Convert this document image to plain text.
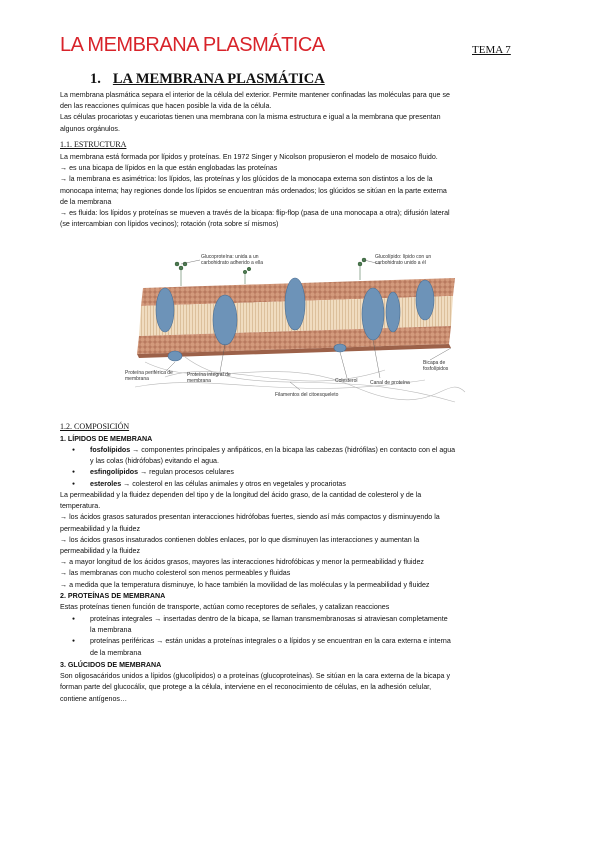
LA MEMBRANA PLASMÁTICA	TEMA 7
1. LA MEMBRANA PLASMÁTICA
La membrana plasmática separa el interior de la célula del exterior. Permite mantener confinadas las moléculas para que se
den las reacciones químicas que hacen posible la vida de la célula.
Las células procariotas y eucariotas tienen una membrana con la misma estructura e igual a la membrana que presentan
algunos orgánulos.
1.1. ESTRUCTURA
La membrana está formada por lípidos y proteínas. En 1972 Singer y Nicolson propusieron el modelo de mosaico fluido.
→ es una bicapa de lípidos en la que están englobadas las proteínas
→ la membrana es asimétrica: los lípidos, las proteínas y los glúcidos de la monocapa externa son distintos a los de la
monocapa interna; hay regiones donde los lípidos se encuentran más ordenados; los glúcidos se sitúan en la parte externa
de la membrana
→ es fluida: los lípidos y proteínas se mueven a través de la bicapa: flip-flop (pasa de una monocapa a otra); difusión lateral
(se intercambian con lípidos vecinos); rotación (rota sobre sí mismos)
Glucoproteína: unida a un
carbohidrato adherido a ella
Glucolípido: lípido con un
carbohidrato unido a él
Proteína periférica de
membrana
Proteína integral de
membrana
Filamentos del citoesqueleto
Colesterol Canal de proteína
Bicapa de
fosfolípidos
1.2. COMPOSICIÓN
1. LÍPIDOS DE MEMBRANA
● fosfolípidos → componentes principales y anfipáticos, en la bicapa las cabezas (hidrófilas) en contacto con el agua
y las colas (hidrófobas) evitando el agua.
● esfingolípidos → regulan procesos celulares
● esteroles → colesterol en las células animales y otros en vegetales y procariotas
La permeabilidad y la fluidez dependen del tipo y de la longitud del ácido graso, de la cantidad de colesterol y de la
temperatura.
→ los ácidos grasos saturados presentan interacciones hidrófobas fuertes, siendo así más compactos y disminuyendo la
permeabilidad y la fluidez
→ los ácidos grasos insaturados contienen dobles enlaces, por lo que disminuyen las interacciones y aumentan la
permeabilidad y la fluidez
→ a mayor longitud de los ácidos grasos, mayores las interacciones hidrofóbicas y menor la permeabilidad y fluidez
→ las membranas con mucho colesterol son menos permeables y fluidas
→ a medida que la temperatura disminuye, lo hace también la movilidad de las moléculas y la permeabilidad y fluidez
2. PROTEÍNAS DE MEMBRANA
Estas proteínas tienen función de transporte, actúan como receptores de señales, y catalizan reacciones
● proteínas integrales → insertadas dentro de la bicapa, se llaman transmembranosas si atraviesan completamente
la membrana
● proteínas periféricas → están unidas a proteínas integrales o a lípidos y se encuentran en la cara externa e interna
de la membrana
3. GLÚCIDOS DE MEMBRANA
Son oligosacáridos unidos a lípidos (glucolípidos) o a proteínas (glucoproteínas). Se sitúan en la cara externa de la bicapa y
forman parte del glucocálix, que protege a la célula, interviene en el reconocimiento de células, en la adhesión celular,
contiene antígenos…
